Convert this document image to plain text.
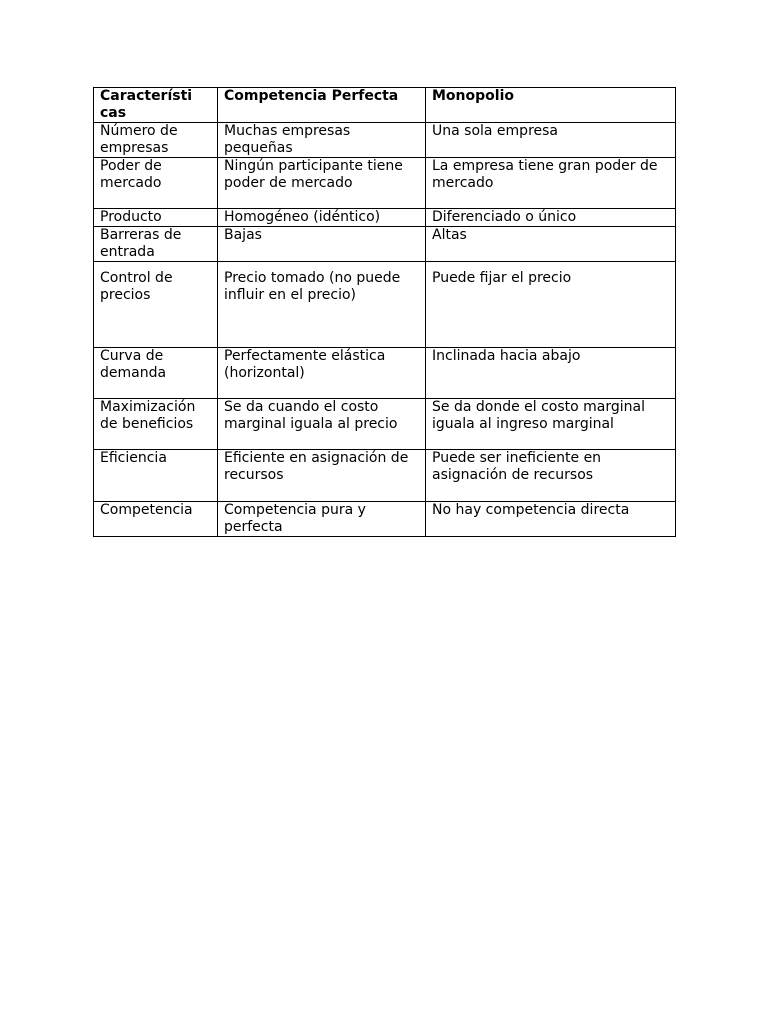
Característi cas	Competencia Perfecta	Monopolio
Número de empresas	Muchas empresas pequeñas	Una sola empresa
Poder de mercado	Ningún participante tiene poder de mercado	La empresa tiene gran poder de mercado
Producto	Homogéneo (idéntico)	Diferenciado o único
Barreras de entrada	Bajas	Altas
Control de precios	Precio tomado (no puede influir en el precio)	Puede fijar el precio
Curva de demanda	Perfectamente elástica (horizontal)	Inclinada hacia abajo
Maximización de beneficios	Se da cuando el costo marginal iguala al precio	Se da donde el costo marginal iguala al ingreso marginal
Eficiencia	Eficiente en asignación de recursos	Puede ser ineficiente en asignación de recursos
Competencia	Competencia pura y perfecta	No hay competencia directa
